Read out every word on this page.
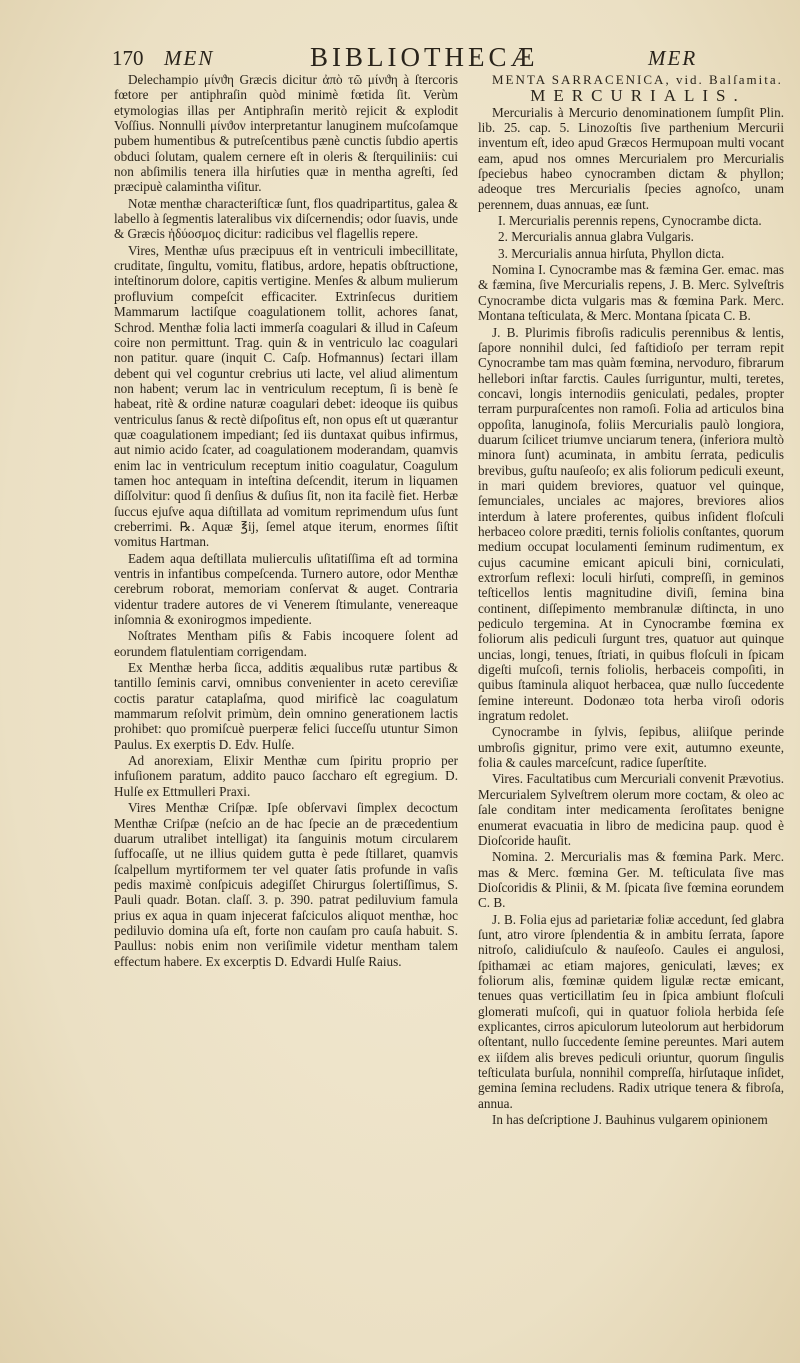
170 MEN	BIBLIOTHECÆ	MER

Delechampio μίνϑη Græcis dicitur ἀπὸ τῶ μίνϑη à ſtercoris fœtore per antiphraſin quòd minimè fœtida ſit. Verùm etymologias illas per Antiphraſin meritò rejicit & explodit Voſſius. Nonnulli μίνϑον interpretantur lanuginem muſcoſamque pubem humentibus & putreſcentibus pænè cunctis ſubdio apertis obduci ſolutam, qualem cernere eſt in oleris & ſterquiliniis: cui non abſimilis tenera illa hirſuties quæ in mentha agreſti, ſed præcipuè calamintha viſitur.

Notæ menthæ characteriſticæ ſunt, flos quadripartitus, galea & labello à ſegmentis lateralibus vix diſcernendis; odor ſuavis, unde & Græcis ἡδύοσμος dicitur: radicibus vel flagellis repere.

Vires, Menthæ uſus præcipuus eſt in ventriculi imbecillitate, cruditate, ſingultu, vomitu, flatibus, ardore, hepatis obſtructione, inteſtinorum dolore, capitis vertigine. Menſes & album mulierum profluvium compeſcit efficaciter. Extrinſecus duritiem Mammarum lactiſque coagulationem tollit, achores ſanat, Schrod. Menthæ folia lacti immerſa coagulari & illud in Caſeum coire non permittunt. Trag. quin & in ventriculo lac coagulari non patitur. quare (inquit C. Caſp. Hofmannus) ſectari illam debent qui vel coguntur crebrius uti lacte, vel aliud alimentum non habent; verum lac in ventriculum receptum, ſi is benè ſe habeat, ritè & ordine naturæ coagulari debet: ideoque iis quibus ventriculus ſanus & rectè diſpoſitus eſt, non opus eſt ut quærantur quæ coagulationem impediant; ſed iis duntaxat quibus infirmus, aut nimio acido ſcater, ad coagulationem moderandam, quamvis enim lac in ventriculum receptum initio coagulatur, Coagulum tamen hoc antequam in inteſtina deſcendit, iterum in liquamen diſſolvitur: quod ſi denſius & duſius ſit, non ita facilè fiet. Herbæ ſuccus ejuſve aqua diſtillata ad vomitum reprimendum uſus ſunt creberrimi. ℞. Aquæ ℥ij, ſemel atque iterum, enormes ſiſtit vomitus Hartman.

Eadem aqua deſtillata mulierculis uſitatiſſima eſt ad tormina ventris in infantibus compeſcenda. Turnero autore, odor Menthæ cerebrum roborat, memoriam conſervat & auget. Contraria videntur tradere autores de vi Venerem ſtimulante, venereaque inſomnia & exonirogmos impediente.

Noſtrates Mentham piſis & Fabis incoquere ſolent ad eorundem flatulentiam corrigendam.

Ex Menthæ herba ſicca, additis æqualibus rutæ partibus & tantillo ſeminis carvi, omnibus convenienter in aceto cereviſiæ coctis paratur cataplaſma, quod mirificè lac coagulatum mammarum reſolvit primùm, deìn omnino generationem lactis prohibet: quo promiſcuè puerperæ felici ſucceſſu utuntur Simon Paulus. Ex exerptis D. Edv. Hulſe.

Ad anorexiam, Elixir Menthæ cum ſpiritu proprio per infuſionem paratum, addito pauco ſaccharo eſt egregium. D. Hulſe ex Ettmulleri Praxi.

Vires Menthæ Criſpæ. Ipſe obſervavi ſimplex decoctum Menthæ Criſpæ (neſcio an de hac ſpecie an de præcedentium duarum utralibet intelligat) ita ſanguinis motum circularem ſuffocaſſe, ut ne illius quidem gutta è pede ſtillaret, quamvis ſcalpellum myrtiformem ter vel quater ſatis profunde in vaſis pedis maximè conſpicuis adegiſſet Chirurgus ſolertiſſimus, S. Pauli quadr. Botan. claſſ. 3. p. 390. patrat pediluvium famula prius ex aqua in quam injecerat faſciculos aliquot menthæ, hoc pediluvio domina uſa eſt, forte non cauſam pro cauſa habuit. S. Paullus: nobis enim non veriſimile videtur mentham talem effectum habere. Ex excerptis D. Edvardi Hulſe Raius.

MENTA SARRACENICA, vid. Balſamita.

MERCURIALIS.

Mercurialis à Mercurio denominationem ſumpſit Plin. lib. 25. cap. 5. Linozoſtis ſive parthenium Mercurii inventum eſt, ideo apud Græcos Hermupoan multi vocant eam, apud nos omnes Mercurialem pro Mercurialis ſpeciebus habeo cynocramben dictam & phyllon; adeoque tres Mercurialis ſpecies agnoſco, unam perennem, duas annuas, eæ ſunt.

I. Mercurialis perennis repens, Cynocrambe dicta.

2. Mercurialis annua glabra Vulgaris.

3. Mercurialis annua hirſuta, Phyllon dicta.

Nomina I. Cynocrambe mas & fæmina Ger. emac. mas & fæmina, ſive Mercurialis repens, J. B. Merc. Sylveſtris Cynocrambe dicta vulgaris mas & fœmina Park. Merc. Montana teſticulata, & Merc. Montana ſpicata C. B.

J. B. Plurimis fibroſis radiculis perennibus & lentis, ſapore nonnihil dulci, ſed faſtidioſo per terram repit Cynocrambe tam mas quàm fœmina, nervoduro, fibrarum hellebori inſtar farctis. Caules ſurriguntur, multi, teretes, concavi, longis internodiis geniculati, pedales, propter terram purpuraſcentes non ramoſi. Folia ad articulos bina oppoſita, lanuginoſa, foliis Mercurialis paulò longiora, duarum ſcilicet triumve unciarum tenera, (inferiora multò minora ſunt) acuminata, in ambitu ſerrata, pediculis brevibus, guſtu nauſeoſo; ex alis foliorum pediculi exeunt, in mari quidem breviores, quatuor vel quinque, ſemunciales, unciales ac majores, breviores alios interdum à latere proferentes, quibus inſident floſculi herbaceo colore præditi, ternis foliolis conſtantes, quorum medium occupat loculamenti ſeminum rudimentum, ex cujus cacumine emicant apiculi bini, corniculati, extrorſum reflexi: loculi hirſuti, compreſſi, in geminos teſticellos lentis magnitudine diviſi, ſemina bina continent, diſſepimento membranulæ diſtincta, in uno pediculo tergemina. At in Cynocrambe fœmina ex foliorum alis pediculi ſurgunt tres, quatuor aut quinque uncias, longi, tenues, ſtriati, in quibus floſculi in ſpicam digeſti muſcoſi, ternis foliolis, herbaceis compoſiti, in quibus ſtaminula aliquot herbacea, quæ nullo ſuccedente ſemine intereunt. Dodonæo tota herba viroſi odoris ingratum redolet.

Cynocrambe in ſylvis, ſepibus, aliiſque perinde umbroſis gignitur, primo vere exit, autumno exeunte, folia & caules marceſcunt, radice ſuperſtite.

Vires. Facultatibus cum Mercuriali convenit Prævotius. Mercurialem Sylveſtrem olerum more coctam, & oleo ac ſale conditam inter medicamenta ſeroſitates benigne enumerat evacuatia in libro de medicina paup. quod è Dioſcoride hauſit.

Nomina. 2. Mercurialis mas & fœmina Park. Merc. mas & Merc. fœmina Ger. M. teſticulata ſive mas Dioſcoridis & Plinii, & M. ſpicata ſive fœmina eorundem C. B.

J. B. Folia ejus ad parietariæ foliæ accedunt, ſed glabra ſunt, atro virore ſplendentia & in ambitu ſerrata, ſapore nitroſo, calidiuſculo & nauſeoſo. Caules ei angulosi, ſpithamæi ac etiam majores, geniculati, læves; ex foliorum alis, fœminæ quidem ligulæ rectæ emicant, tenues quas verticillatim ſeu in ſpica ambiunt floſculi glomerati muſcoſi, qui in quatuor foliola herbida ſeſe explicantes, cirros apiculorum luteolorum aut herbidorum oſtentant, nullo ſuccedente ſemine pereuntes. Mari autem ex iiſdem alis breves pediculi oriuntur, quorum ſingulis teſticulata burſula, nonnihil compreſſa, hirſutaque inſidet, gemina ſemina recludens. Radix utrique tenera & fibroſa, annua.

In has deſcriptione J. Bauhinus vulgarem opinionem
